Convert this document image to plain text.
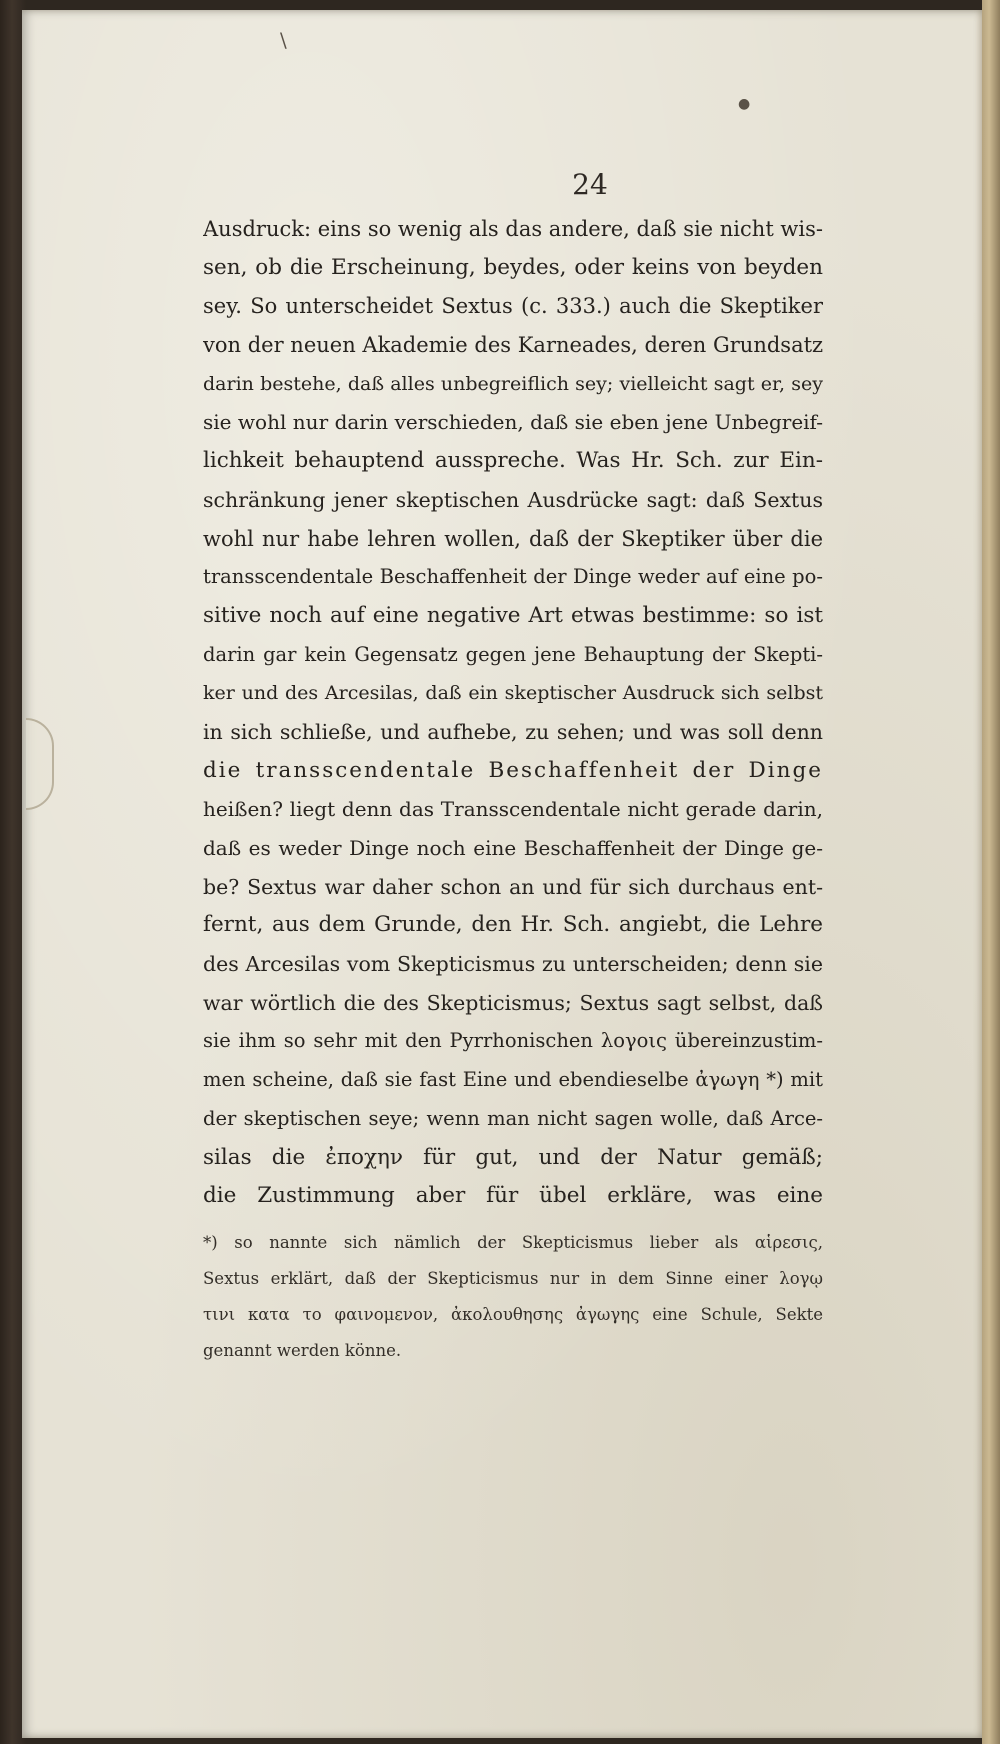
\
●
24
Ausdruck: eins so wenig als das andere, daß sie nicht wis-
sen, ob die Erscheinung, beydes, oder keins von beyden
sey. So unterscheidet Sextus (c. 333.) auch die Skeptiker
von der neuen Akademie des Karneades, deren Grundsatz
darin bestehe, daß alles unbegreiflich sey; vielleicht sagt er, sey
sie wohl nur darin verschieden, daß sie eben jene Unbegreif-
lichkeit behauptend ausspreche. Was Hr. Sch. zur Ein-
schränkung jener skeptischen Ausdrücke sagt: daß Sextus
wohl nur habe lehren wollen, daß der Skeptiker über die
transscendentale Beschaffenheit der Dinge weder auf eine po-
sitive noch auf eine negative Art etwas bestimme: so ist
darin gar kein Gegensatz gegen jene Behauptung der Skepti-
ker und des Arcesilas, daß ein skeptischer Ausdruck sich selbst
in sich schließe, und aufhebe, zu sehen; und was soll denn
die transscendentale Beschaffenheit der Dinge
heißen? liegt denn das Transscendentale nicht gerade darin,
daß es weder Dinge noch eine Beschaffenheit der Dinge ge-
be? Sextus war daher schon an und für sich durchaus ent-
fernt, aus dem Grunde, den Hr. Sch. angiebt, die Lehre
des Arcesilas vom Skepticismus zu unterscheiden; denn sie
war wörtlich die des Skepticismus; Sextus sagt selbst, daß
sie ihm so sehr mit den Pyrrhonischen λογοις übereinzustim-
men scheine, daß sie fast Eine und ebendieselbe ἀγωγη *) mit
der skeptischen seye; wenn man nicht sagen wolle, daß Arce-
silas die ἐποχην für gut, und der Natur gemäß;
die Zustimmung aber für übel erkläre, was eine
*) so nannte sich nämlich der Skepticismus lieber als αἱρεσις,
Sextus erklärt, daß der Skepticismus nur in dem Sinne einer λογῳ
τινι κατα το φαινομενον, ἀκολουθησης ἀγωγης eine Schule, Sekte
genannt werden könne.
